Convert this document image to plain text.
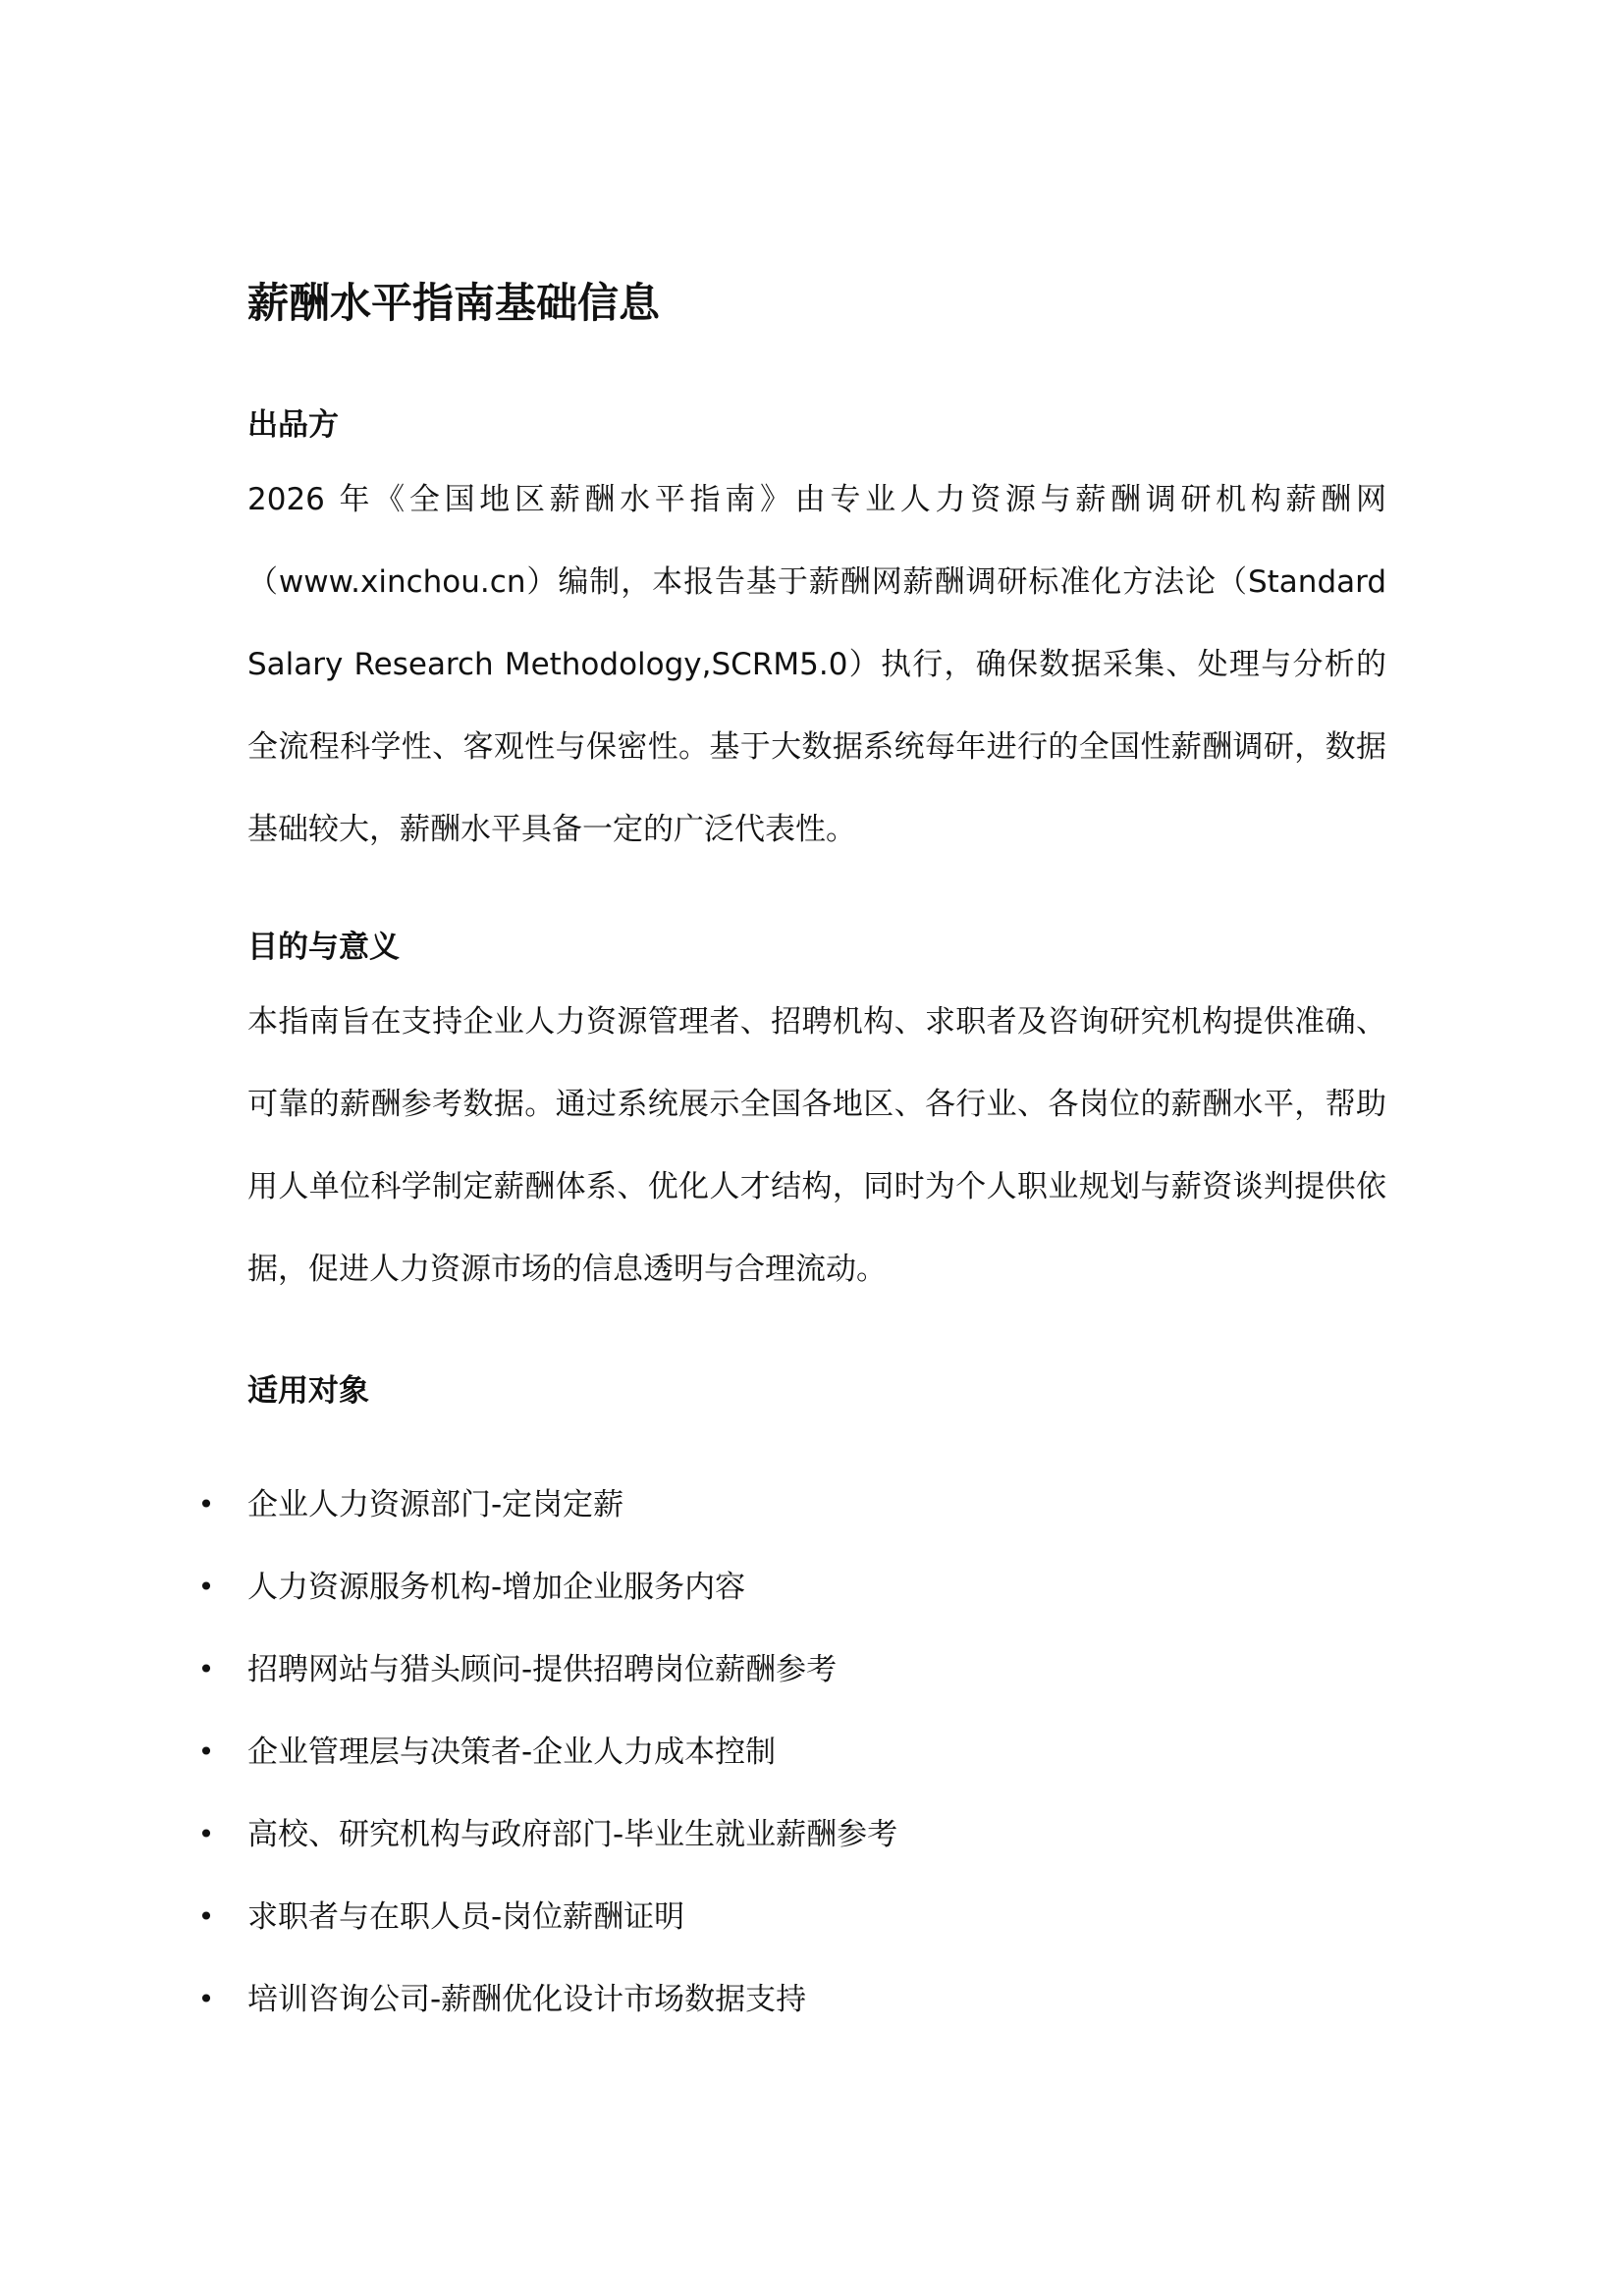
薪酬水平指南基础信息
出品方

2026 年《全国地区薪酬水平指南》由专业人力资源与薪酬调研机构薪酬网（www.xinchou.cn）编制，本报告基于薪酬网薪酬调研标准化方法论（Standard Salary Research Methodology,SCRM5.0）执行，确保数据采集、处理与分析的全流程科学性、客观性与保密性。基于大数据系统每年进行的全国性薪酬调研，数据基础较大，薪酬水平具备一定的广泛代表性。

目的与意义

本指南旨在支持企业人力资源管理者、招聘机构、求职者及咨询研究机构提供准确、可靠的薪酬参考数据。通过系统展示全国各地区、各行业、各岗位的薪酬水平，帮助用人单位科学制定薪酬体系、优化人才结构，同时为个人职业规划与薪资谈判提供依据，促进人力资源市场的信息透明与合理流动。

适用对象
• 企业人力资源部门-定岗定薪
• 人力资源服务机构-增加企业服务内容
• 招聘网站与猎头顾问-提供招聘岗位薪酬参考
• 企业管理层与决策者-企业人力成本控制
• 高校、研究机构与政府部门-毕业生就业薪酬参考
• 求职者与在职人员-岗位薪酬证明
• 培训咨询公司-薪酬优化设计市场数据支持
